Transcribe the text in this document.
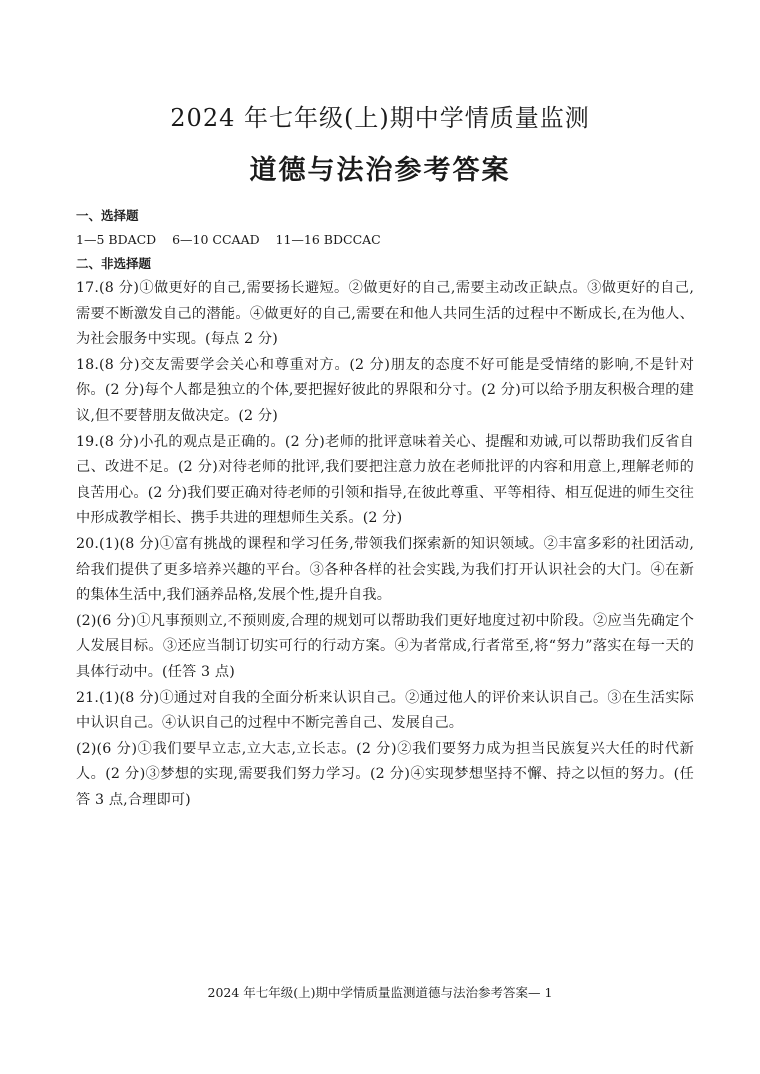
2024 年七年级(上)期中学情质量监测
道德与法治参考答案
一、选择题
1—5 BDACD    6—10 CCAAD    11—16 BDCCAC
二、非选择题
17.(8 分)①做更好的自己,需要扬长避短。②做更好的自己,需要主动改正缺点。③做更好的自己,需要不断激发自己的潜能。④做更好的自己,需要在和他人共同生活的过程中不断成长,在为他人、为社会服务中实现。(每点 2 分)
18.(8 分)交友需要学会关心和尊重对方。(2 分)朋友的态度不好可能是受情绪的影响,不是针对你。(2 分)每个人都是独立的个体,要把握好彼此的界限和分寸。(2 分)可以给予朋友积极合理的建议,但不要替朋友做决定。(2 分)
19.(8 分)小孔的观点是正确的。(2 分)老师的批评意味着关心、提醒和劝诫,可以帮助我们反省自己、改进不足。(2 分)对待老师的批评,我们要把注意力放在老师批评的内容和用意上,理解老师的良苦用心。(2 分)我们要正确对待老师的引领和指导,在彼此尊重、平等相待、相互促进的师生交往中形成教学相长、携手共进的理想师生关系。(2 分)
20.(1)(8 分)①富有挑战的课程和学习任务,带领我们探索新的知识领域。②丰富多彩的社团活动,给我们提供了更多培养兴趣的平台。③各种各样的社会实践,为我们打开认识社会的大门。④在新的集体生活中,我们涵养品格,发展个性,提升自我。
(2)(6 分)①凡事预则立,不预则废,合理的规划可以帮助我们更好地度过初中阶段。②应当先确定个人发展目标。③还应当制订切实可行的行动方案。④为者常成,行者常至,将“努力”落实在每一天的具体行动中。(任答 3 点)
21.(1)(8 分)①通过对自我的全面分析来认识自己。②通过他人的评价来认识自己。③在生活实际中认识自己。④认识自己的过程中不断完善自己、发展自己。
(2)(6 分)①我们要早立志,立大志,立长志。(2 分)②我们要努力成为担当民族复兴大任的时代新人。(2 分)③梦想的实现,需要我们努力学习。(2 分)④实现梦想坚持不懈、持之以恒的努力。(任答 3 点,合理即可)
2024 年七年级(上)期中学情质量监测道德与法治参考答案— 1
